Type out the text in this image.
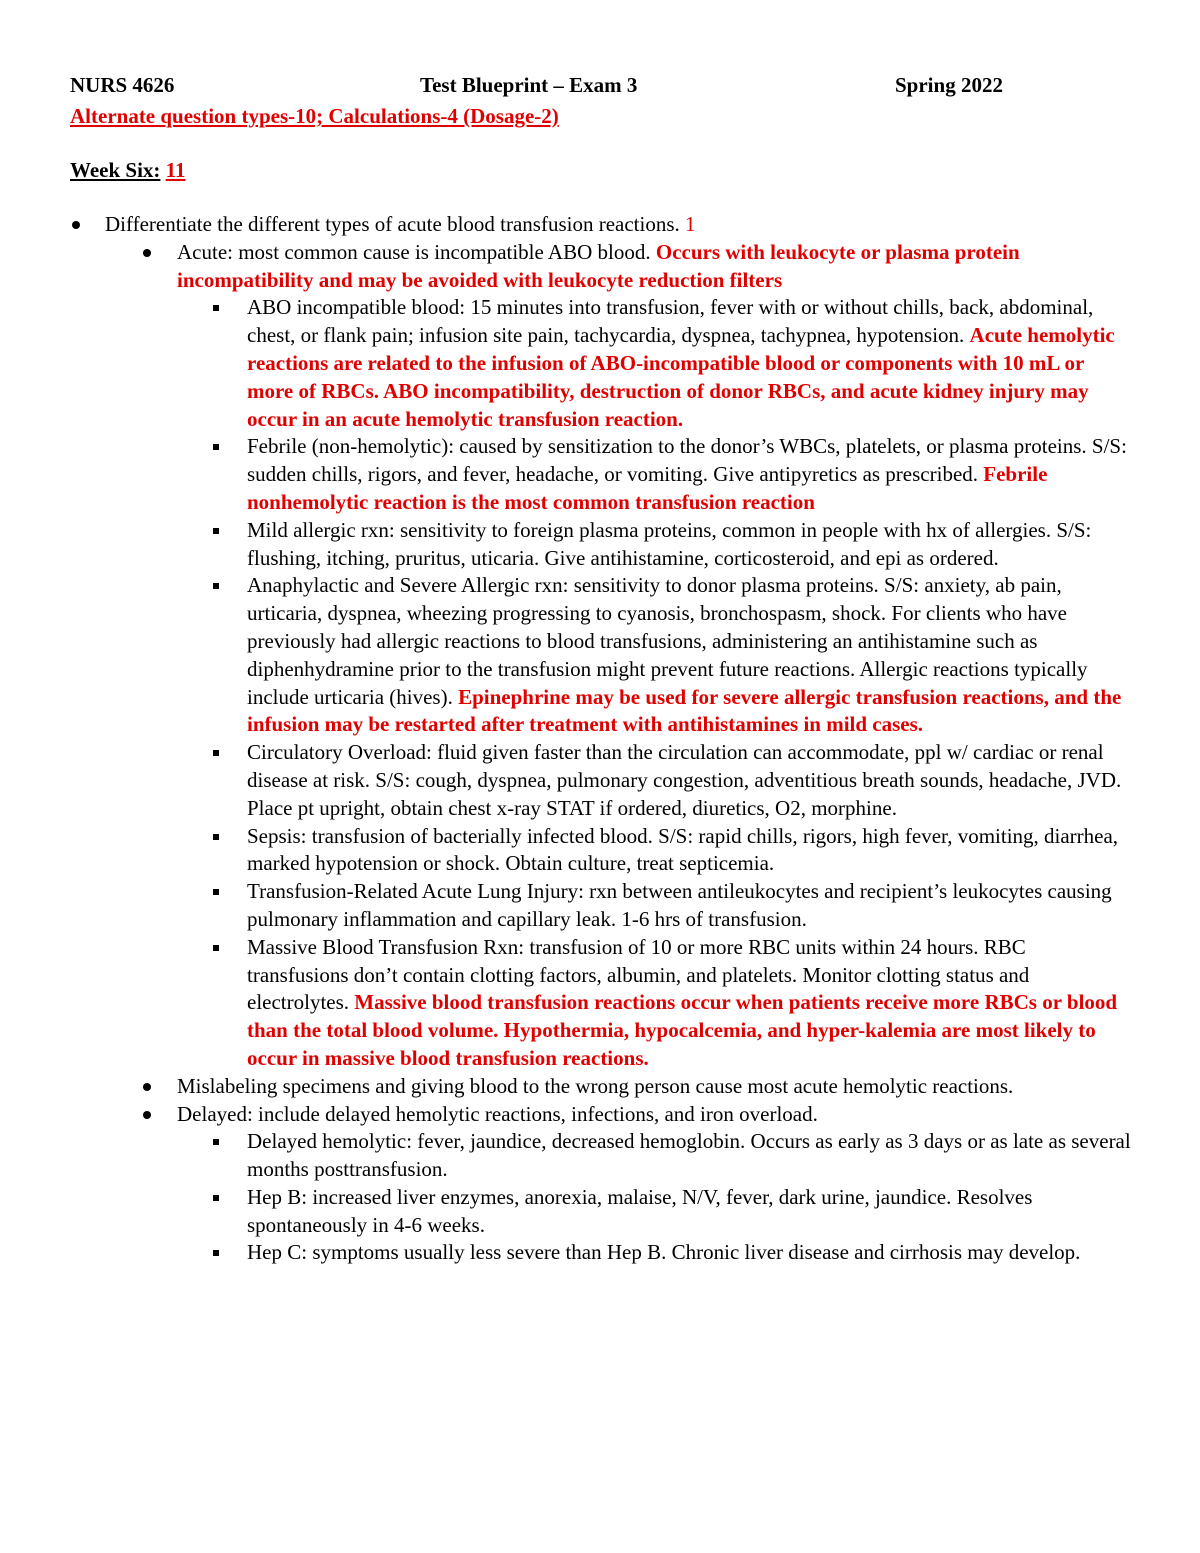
NURS 4626	Test Blueprint – Exam 3	Spring 2022
Alternate question types-10; Calculations-4 (Dosage-2)
Week Six: 11
Differentiate the different types of acute blood transfusion reactions. 1
Acute: most common cause is incompatible ABO blood. Occurs with leukocyte or plasma protein incompatibility and may be avoided with leukocyte reduction filters
ABO incompatible blood: 15 minutes into transfusion, fever with or without chills, back, abdominal, chest, or flank pain; infusion site pain, tachycardia, dyspnea, tachypnea, hypotension. Acute hemolytic reactions are related to the infusion of ABO-incompatible blood or components with 10 mL or more of RBCs. ABO incompatibility, destruction of donor RBCs, and acute kidney injury may occur in an acute hemolytic transfusion reaction.
Febrile (non-hemolytic): caused by sensitization to the donor’s WBCs, platelets, or plasma proteins. S/S: sudden chills, rigors, and fever, headache, or vomiting. Give antipyretics as prescribed. Febrile nonhemolytic reaction is the most common transfusion reaction
Mild allergic rxn: sensitivity to foreign plasma proteins, common in people with hx of allergies. S/S: flushing, itching, pruritus, uticaria. Give antihistamine, corticosteroid, and epi as ordered.
Anaphylactic and Severe Allergic rxn: sensitivity to donor plasma proteins. S/S: anxiety, ab pain, urticaria, dyspnea, wheezing progressing to cyanosis, bronchospasm, shock. For clients who have previously had allergic reactions to blood transfusions, administering an antihistamine such as diphenhydramine prior to the transfusion might prevent future reactions. Allergic reactions typically include urticaria (hives). Epinephrine may be used for severe allergic transfusion reactions, and the infusion may be restarted after treatment with antihistamines in mild cases.
Circulatory Overload: fluid given faster than the circulation can accommodate, ppl w/ cardiac or renal disease at risk. S/S: cough, dyspnea, pulmonary congestion, adventitious breath sounds, headache, JVD. Place pt upright, obtain chest x-ray STAT if ordered, diuretics, O2, morphine.
Sepsis: transfusion of bacterially infected blood. S/S: rapid chills, rigors, high fever, vomiting, diarrhea, marked hypotension or shock. Obtain culture, treat septicemia.
Transfusion-Related Acute Lung Injury: rxn between antileukocytes and recipient’s leukocytes causing pulmonary inflammation and capillary leak. 1-6 hrs of transfusion.
Massive Blood Transfusion Rxn: transfusion of 10 or more RBC units within 24 hours. RBC transfusions don’t contain clotting factors, albumin, and platelets. Monitor clotting status and electrolytes. Massive blood transfusion reactions occur when patients receive more RBCs or blood than the total blood volume. Hypothermia, hypocalcemia, and hyper-kalemia are most likely to occur in massive blood transfusion reactions.
Mislabeling specimens and giving blood to the wrong person cause most acute hemolytic reactions.
Delayed: include delayed hemolytic reactions, infections, and iron overload.
Delayed hemolytic: fever, jaundice, decreased hemoglobin. Occurs as early as 3 days or as late as several months posttransfusion.
Hep B: increased liver enzymes, anorexia, malaise, N/V, fever, dark urine, jaundice. Resolves spontaneously in 4-6 weeks.
Hep C: symptoms usually less severe than Hep B. Chronic liver disease and cirrhosis may develop.
